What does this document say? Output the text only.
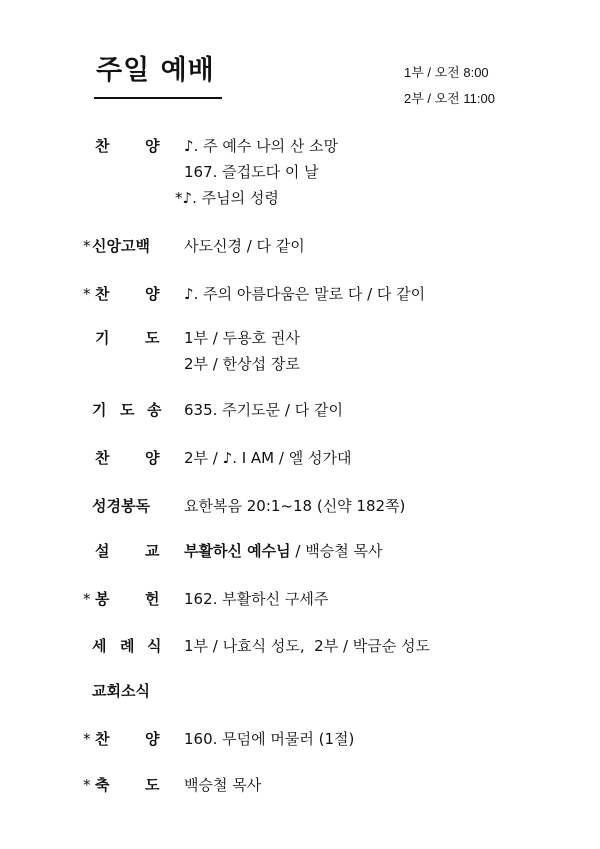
주일 예배	1부 / 오전 8:00
2부 / 오전 11:00
찬 양 ♪. 주 예수 나의 산 소망
167. 즐겁도다 이 날
*♪. 주님의 성령
* 신앙고백 사도신경 / 다 같이
* 찬 양 ♪. 주의 아름다움은 말로 다 / 다 같이
기 도 1부 / 두용호 권사
2부 / 한상섭 장로
기 도 송 635. 주기도문 / 다 같이
찬 양 2부 / ♪. I AM / 엘 성가대
성경봉독 요한복음 20:1~18 (신약 182쪽)
설 교 부활하신 예수님 / 백승철 목사
* 봉 헌 162. 부활하신 구세주
세 례 식 1부 / 나효식 성도,  2부 / 박금순 성도
교회소식
* 찬 양 160. 무덤에 머물러 (1절)
* 축 도 백승철 목사
